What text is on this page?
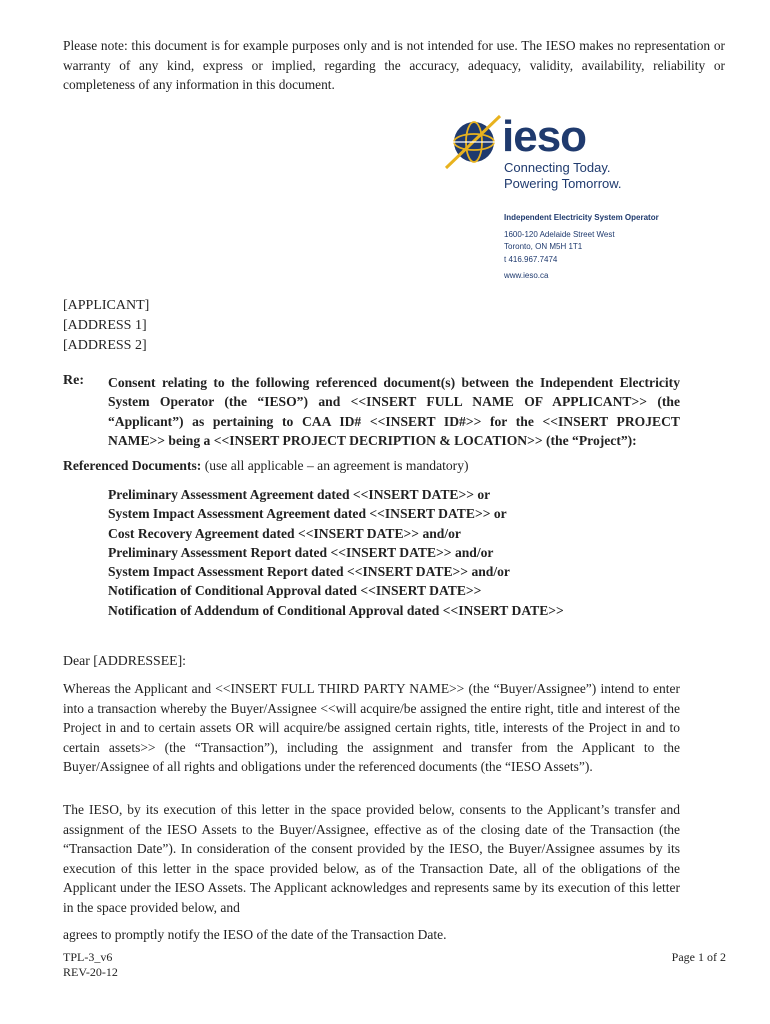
Please note: this document is for example purposes only and is not intended for use. The IESO makes no representation or warranty of any kind, express or implied, regarding the accuracy, adequacy, validity, availability, reliability or completeness of any information in this document.
ieso
Connecting Today.
Powering Tomorrow.
Independent Electricity System Operator
1600-120 Adelaide Street West
Toronto, ON M5H 1T1
t 416.967.7474
www.ieso.ca
[APPLICANT]
[ADDRESS 1]
[ADDRESS 2]
Re: Consent relating to the following referenced document(s) between the Independent Electricity System Operator (the “IESO”) and <<INSERT FULL NAME OF APPLICANT>> (the “Applicant”) as pertaining to CAA ID# <<INSERT ID#>> for the <<INSERT PROJECT NAME>> being a <<INSERT PROJECT DECRIPTION & LOCATION>> (the “Project”):
Referenced Documents: (use all applicable – an agreement is mandatory)
Preliminary Assessment Agreement dated <<INSERT DATE>> or
System Impact Assessment Agreement dated <<INSERT DATE>> or
Cost Recovery Agreement dated <<INSERT DATE>> and/or
Preliminary Assessment Report dated <<INSERT DATE>> and/or
System Impact Assessment Report dated <<INSERT DATE>> and/or
Notification of Conditional Approval dated <<INSERT DATE>>
Notification of Addendum of Conditional Approval dated <<INSERT DATE>>
Dear [ADDRESSEE]:
Whereas the Applicant and <<INSERT FULL THIRD PARTY NAME>> (the “Buyer/Assignee”) intend to enter into a transaction whereby the Buyer/Assignee <<will acquire/be assigned the entire right, title and interest of the Project in and to certain assets OR will acquire/be assigned certain rights, title, interests of the Project in and to certain assets>> (the “Transaction”), including the assignment and transfer from the Applicant to the Buyer/Assignee of all rights and obligations under the referenced documents (the “IESO Assets”).
The IESO, by its execution of this letter in the space provided below, consents to the Applicant’s transfer and assignment of the IESO Assets to the Buyer/Assignee, effective as of the closing date of the Transaction (the “Transaction Date”). In consideration of the consent provided by the IESO, the Buyer/Assignee assumes by its execution of this letter in the space provided below, as of the Transaction Date, all of the obligations of the Applicant under the IESO Assets. The Applicant acknowledges and represents same by its execution of this letter in the space provided below, and
agrees to promptly notify the IESO of the date of the Transaction Date.
TPL-3_v6
REV-20-12
Page 1 of 2
